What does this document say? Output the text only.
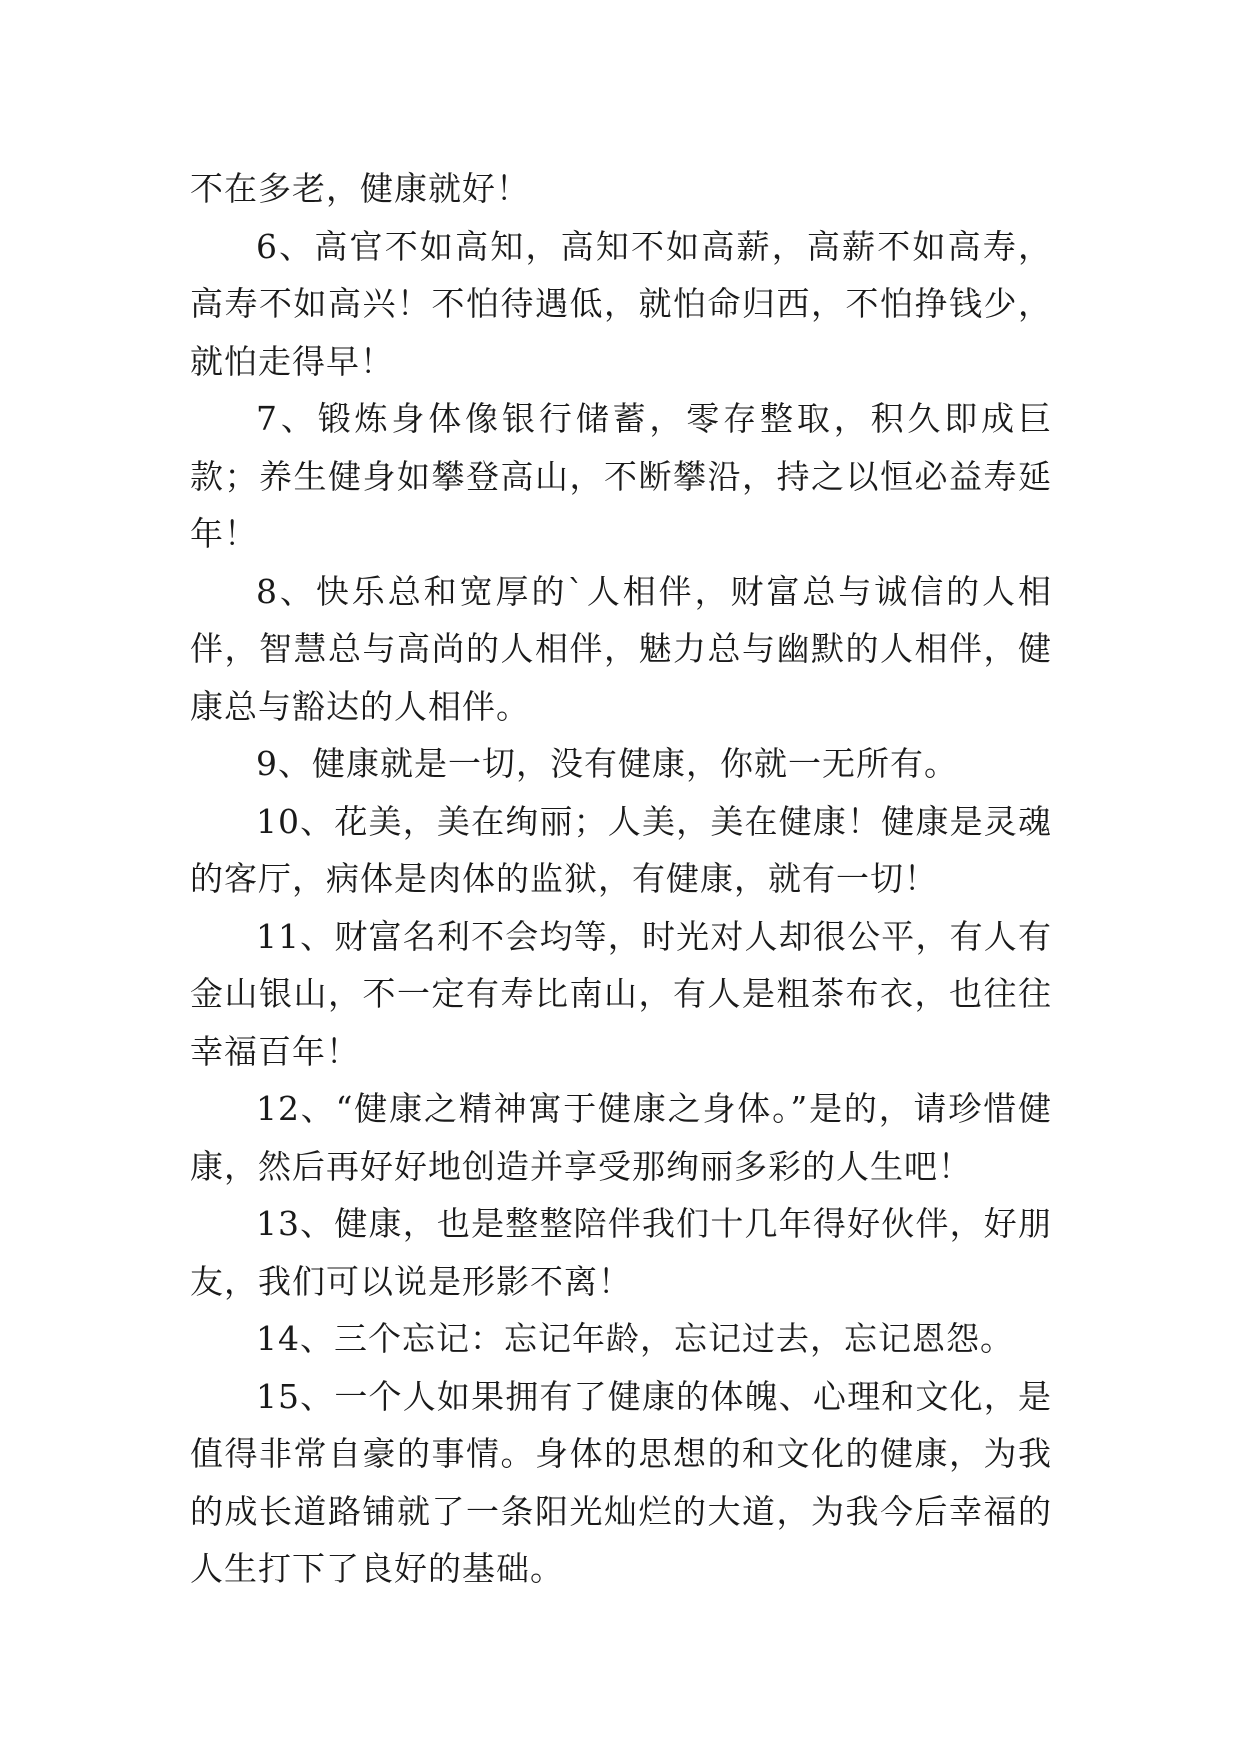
不在多老，健康就好！

6、高官不如高知，高知不如高薪，高薪不如高寿，高寿不如高兴！不怕待遇低，就怕命归西，不怕挣钱少，就怕走得早！

7、锻炼身体像银行储蓄，零存整取，积久即成巨款；养生健身如攀登高山，不断攀沿，持之以恒必益寿延年！

8、快乐总和宽厚的`人相伴，财富总与诚信的人相伴，智慧总与高尚的人相伴，魅力总与幽默的人相伴，健康总与豁达的人相伴。

9、健康就是一切，没有健康，你就一无所有。

10、花美，美在绚丽；人美，美在健康！健康是灵魂的客厅，病体是肉体的监狱，有健康，就有一切！

11、财富名利不会均等，时光对人却很公平，有人有金山银山，不一定有寿比南山，有人是粗茶布衣，也往往幸福百年！

12、“健康之精神寓于健康之身体。”是的，请珍惜健康，然后再好好地创造并享受那绚丽多彩的人生吧！

13、健康，也是整整陪伴我们十几年得好伙伴，好朋友，我们可以说是形影不离！

14、三个忘记：忘记年龄，忘记过去，忘记恩怨。

15、一个人如果拥有了健康的体魄、心理和文化，是值得非常自豪的事情。身体的思想的和文化的健康，为我的成长道路铺就了一条阳光灿烂的大道，为我今后幸福的人生打下了良好的基础。
